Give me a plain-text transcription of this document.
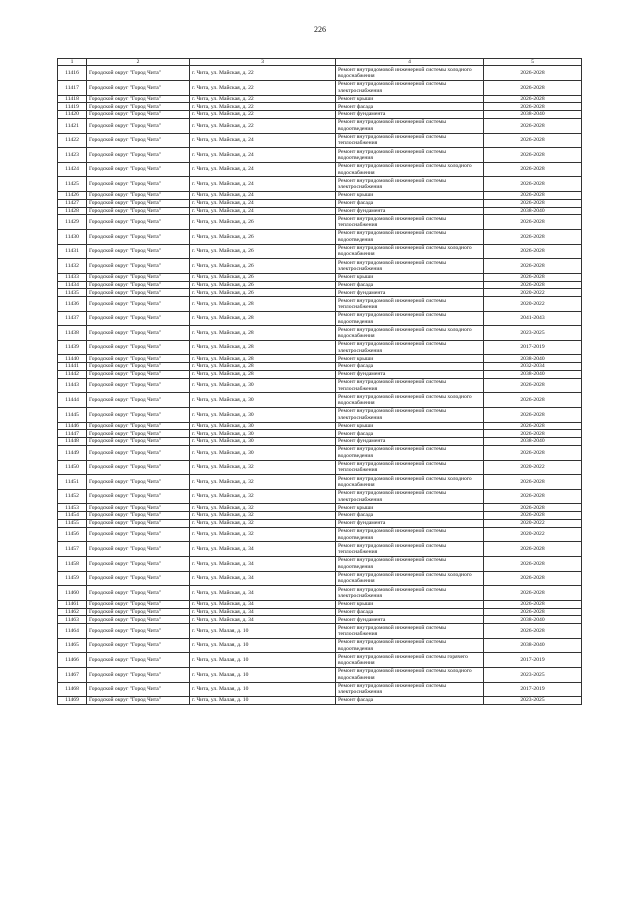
226
1	2	3	4	5
11416	Городской округ "Город Чита"	г. Чита, ул. Майская, д. 22	Ремонт внутридомовой инженерной системы холодного водоснабжения	2026-2028
11417	Городской округ "Город Чита"	г. Чита, ул. Майская, д. 22	Ремонт внутридомовой инженерной системы электроснабжения	2026-2028
11418	Городской округ "Город Чита"	г. Чита, ул. Майская, д. 22	Ремонт крыши	2026-2028
11419	Городской округ "Город Чита"	г. Чита, ул. Майская, д. 22	Ремонт фасада	2026-2028
11420	Городской округ "Город Чита"	г. Чита, ул. Майская, д. 22	Ремонт фундамента	2038-2040
11421	Городской округ "Город Чита"	г. Чита, ул. Майская, д. 22	Ремонт внутридомовой инженерной системы водоотведения	2026-2028
11422	Городской округ "Город Чита"	г. Чита, ул. Майская, д. 24	Ремонт внутридомовой инженерной системы теплоснабжения	2026-2028
11423	Городской округ "Город Чита"	г. Чита, ул. Майская, д. 24	Ремонт внутридомовой инженерной системы водоотведения	2026-2028
11424	Городской округ "Город Чита"	г. Чита, ул. Майская, д. 24	Ремонт внутридомовой инженерной системы холодного водоснабжения	2026-2028
11425	Городской округ "Город Чита"	г. Чита, ул. Майская, д. 24	Ремонт внутридомовой инженерной системы электроснабжения	2026-2028
11426	Городской округ "Город Чита"	г. Чита, ул. Майская, д. 24	Ремонт крыши	2026-2028
11427	Городской округ "Город Чита"	г. Чита, ул. Майская, д. 24	Ремонт фасада	2026-2028
11428	Городской округ "Город Чита"	г. Чита, ул. Майская, д. 24	Ремонт фундамента	2038-2040
11429	Городской округ "Город Чита"	г. Чита, ул. Майская, д. 26	Ремонт внутридомовой инженерной системы теплоснабжения	2026-2028
11430	Городской округ "Город Чита"	г. Чита, ул. Майская, д. 26	Ремонт внутридомовой инженерной системы водоотведения	2026-2028
11431	Городской округ "Город Чита"	г. Чита, ул. Майская, д. 26	Ремонт внутридомовой инженерной системы холодного водоснабжения	2026-2028
11432	Городской округ "Город Чита"	г. Чита, ул. Майская, д. 26	Ремонт внутридомовой инженерной системы электроснабжения	2026-2028
11433	Городской округ "Город Чита"	г. Чита, ул. Майская, д. 26	Ремонт крыши	2026-2028
11434	Городской округ "Город Чита"	г. Чита, ул. Майская, д. 26	Ремонт фасада	2026-2028
11435	Городской округ "Город Чита"	г. Чита, ул. Майская, д. 26	Ремонт фундамента	2020-2022
11436	Городской округ "Город Чита"	г. Чита, ул. Майская, д. 28	Ремонт внутридомовой инженерной системы теплоснабжения	2020-2022
11437	Городской округ "Город Чита"	г. Чита, ул. Майская, д. 28	Ремонт внутридомовой инженерной системы водоотведения	2041-2043
11438	Городской округ "Город Чита"	г. Чита, ул. Майская, д. 28	Ремонт внутридомовой инженерной системы холодного водоснабжения	2023-2025
11439	Городской округ "Город Чита"	г. Чита, ул. Майская, д. 28	Ремонт внутридомовой инженерной системы электроснабжения	2017-2019
11440	Городской округ "Город Чита"	г. Чита, ул. Майская, д. 28	Ремонт крыши	2038-2040
11441	Городской округ "Город Чита"	г. Чита, ул. Майская, д. 28	Ремонт фасада	2032-2034
11442	Городской округ "Город Чита"	г. Чита, ул. Майская, д. 28	Ремонт фундамента	2038-2040
11443	Городской округ "Город Чита"	г. Чита, ул. Майская, д. 30	Ремонт внутридомовой инженерной системы теплоснабжения	2026-2028
11444	Городской округ "Город Чита"	г. Чита, ул. Майская, д. 30	Ремонт внутридомовой инженерной системы холодного водоснабжения	2026-2028
11445	Городской округ "Город Чита"	г. Чита, ул. Майская, д. 30	Ремонт внутридомовой инженерной системы электроснабжения	2026-2028
11446	Городской округ "Город Чита"	г. Чита, ул. Майская, д. 30	Ремонт крыши	2026-2028
11447	Городской округ "Город Чита"	г. Чита, ул. Майская, д. 30	Ремонт фасада	2026-2028
11448	Городской округ "Город Чита"	г. Чита, ул. Майская, д. 30	Ремонт фундамента	2038-2040
11449	Городской округ "Город Чита"	г. Чита, ул. Майская, д. 30	Ремонт внутридомовой инженерной системы водоотведения	2026-2028
11450	Городской округ "Город Чита"	г. Чита, ул. Майская, д. 32	Ремонт внутридомовой инженерной системы теплоснабжения	2020-2022
11451	Городской округ "Город Чита"	г. Чита, ул. Майская, д. 32	Ремонт внутридомовой инженерной системы холодного водоснабжения	2026-2028
11452	Городской округ "Город Чита"	г. Чита, ул. Майская, д. 32	Ремонт внутридомовой инженерной системы электроснабжения	2026-2028
11453	Городской округ "Город Чита"	г. Чита, ул. Майская, д. 32	Ремонт крыши	2026-2028
11454	Городской округ "Город Чита"	г. Чита, ул. Майская, д. 32	Ремонт фасада	2026-2028
11455	Городской округ "Город Чита"	г. Чита, ул. Майская, д. 32	Ремонт фундамента	2020-2022
11456	Городской округ "Город Чита"	г. Чита, ул. Майская, д. 32	Ремонт внутридомовой инженерной системы водоотведения	2020-2022
11457	Городской округ "Город Чита"	г. Чита, ул. Майская, д. 34	Ремонт внутридомовой инженерной системы теплоснабжения	2026-2028
11458	Городской округ "Город Чита"	г. Чита, ул. Майская, д. 34	Ремонт внутридомовой инженерной системы водоотведения	2026-2028
11459	Городской округ "Город Чита"	г. Чита, ул. Майская, д. 34	Ремонт внутридомовой инженерной системы холодного водоснабжения	2026-2028
11460	Городской округ "Город Чита"	г. Чита, ул. Майская, д. 34	Ремонт внутридомовой инженерной системы электроснабжения	2026-2028
11461	Городской округ "Город Чита"	г. Чита, ул. Майская, д. 34	Ремонт крыши	2026-2028
11462	Городской округ "Город Чита"	г. Чита, ул. Майская, д. 34	Ремонт фасада	2026-2028
11463	Городской округ "Город Чита"	г. Чита, ул. Майская, д. 34	Ремонт фундамента	2038-2040
11464	Городской округ "Город Чита"	г. Чита, ул. Малая, д. 10	Ремонт внутридомовой инженерной системы теплоснабжения	2026-2028
11465	Городской округ "Город Чита"	г. Чита, ул. Малая, д. 10	Ремонт внутридомовой инженерной системы водоотведения	2038-2040
11466	Городской округ "Город Чита"	г. Чита, ул. Малая, д. 10	Ремонт внутридомовой инженерной системы горячего водоснабжения	2017-2019
11467	Городской округ "Город Чита"	г. Чита, ул. Малая, д. 10	Ремонт внутридомовой инженерной системы холодного водоснабжения	2023-2025
11468	Городской округ "Город Чита"	г. Чита, ул. Малая, д. 10	Ремонт внутридомовой инженерной системы электроснабжения	2017-2019
11469	Городской округ "Город Чита"	г. Чита, ул. Малая, д. 10	Ремонт фасада	2023-2025
